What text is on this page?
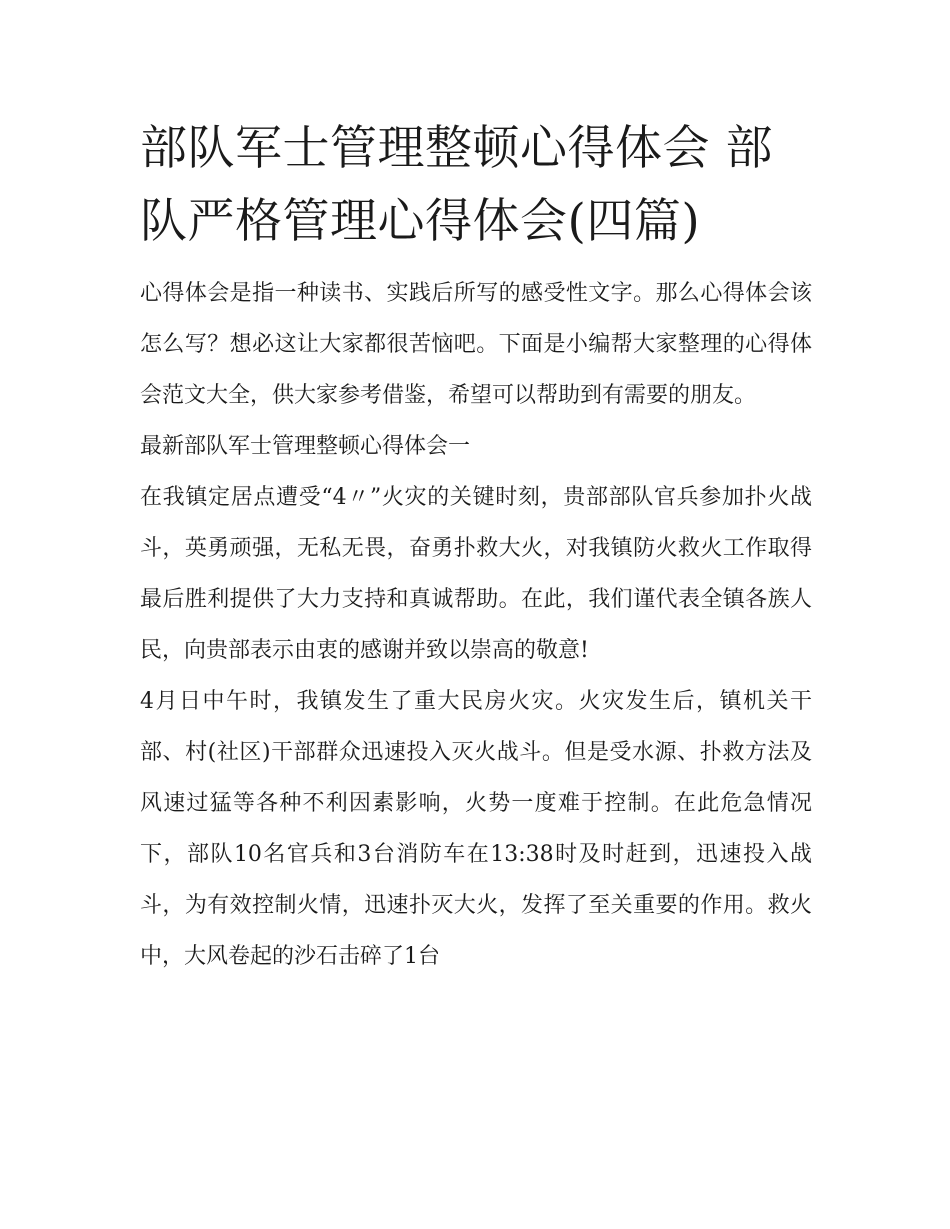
部队军士管理整顿心得体会 部队严格管理心得体会(四篇)

心得体会是指一种读书、实践后所写的感受性文字。那么心得体会该怎么写？想必这让大家都很苦恼吧。下面是小编帮大家整理的心得体会范文大全，供大家参考借鉴，希望可以帮助到有需要的朋友。

最新部队军士管理整顿心得体会一

在我镇定居点遭受“4〃”火灾的关键时刻，贵部部队官兵参加扑火战斗，英勇顽强，无私无畏，奋勇扑救大火，对我镇防火救火工作取得最后胜利提供了大力支持和真诚帮助。在此，我们谨代表全镇各族人民，向贵部表示由衷的感谢并致以崇高的敬意!

4月日中午时，我镇发生了重大民房火灾。火灾发生后，镇机关干部、村(社区)干部群众迅速投入灭火战斗。但是受水源、扑救方法及风速过猛等各种不利因素影响，火势一度难于控制。在此危急情况下，部队10名官兵和3台消防车在13:38时及时赶到，迅速投入战斗，为有效控制火情，迅速扑灭大火，发挥了至关重要的作用。救火中，大风卷起的沙石击碎了1台
